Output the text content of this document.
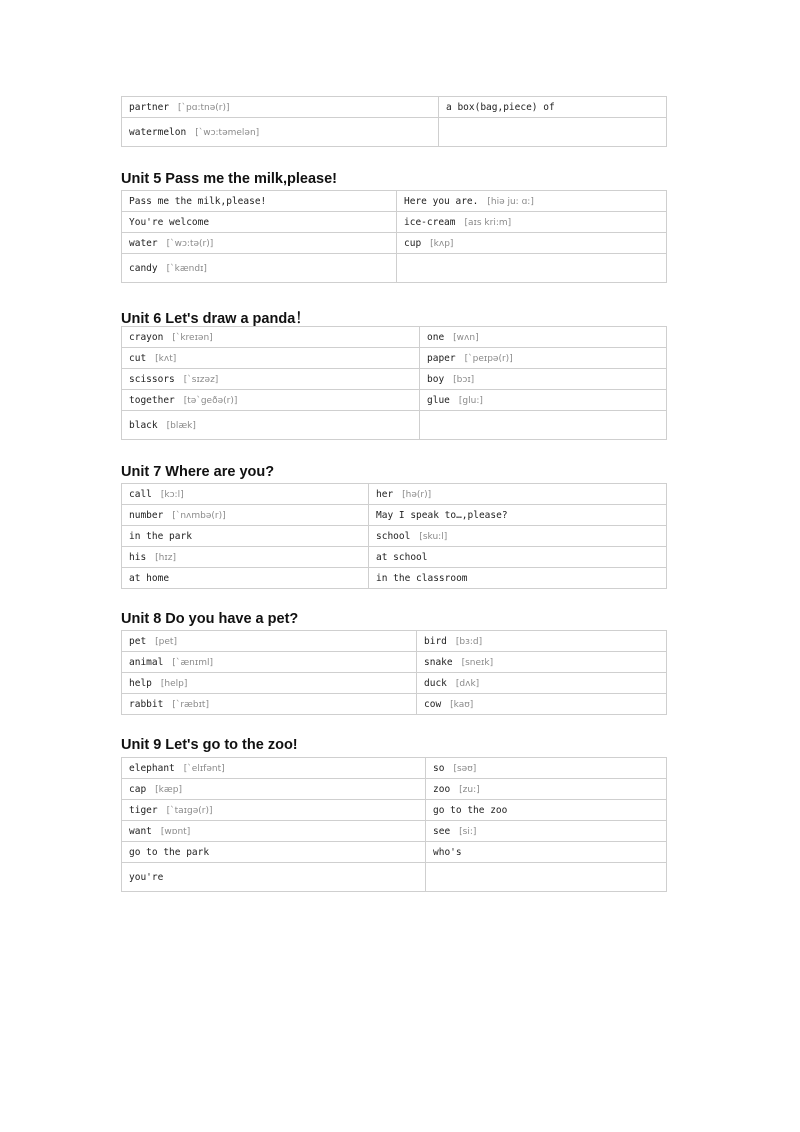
partner [ˋpɑ:tnə(r)]	a box(bag,piece) of
watermelon [ˋwɔ:təmelən]	
Unit 5 Pass me the milk,please!
Pass me the milk,please!	Here you are. [hiə ju: ɑ:]
You're welcome	ice-cream [aɪs kri:m]
water [ˋwɔ:tə(r)]	cup [kʌp]
candy [ˋkændɪ]	
Unit 6 Let's draw a panda！
crayon [ˋkreɪən]	one [wʌn]
cut [kʌt]	paper [ˋpeɪpə(r)]
scissors [ˋsɪzəz]	boy [bɔɪ]
together [təˋgeðə(r)]	glue [glu:]
black [blæk]	
Unit 7 Where are you?
call [kɔ:l]	her [hə(r)]
number [ˋnʌmbə(r)]	May I speak to…,please?
in the park	school [sku:l]
his [hɪz]	at school
at home	in the classroom
Unit 8 Do you have a pet?
pet [pet]	bird [bɜ:d]
animal [ˋænɪml]	snake [sneɪk]
help [help]	duck [dʌk]
rabbit [ˋræbɪt]	cow [kaʊ]
Unit 9 Let's go to the zoo!
elephant [ˋelɪfənt]	so [səʊ]
cap [kæp]	zoo [zu:]
tiger [ˋtaɪgə(r)]	go to the zoo
want [wɒnt]	see [si:]
go to the park	who's
you're	
